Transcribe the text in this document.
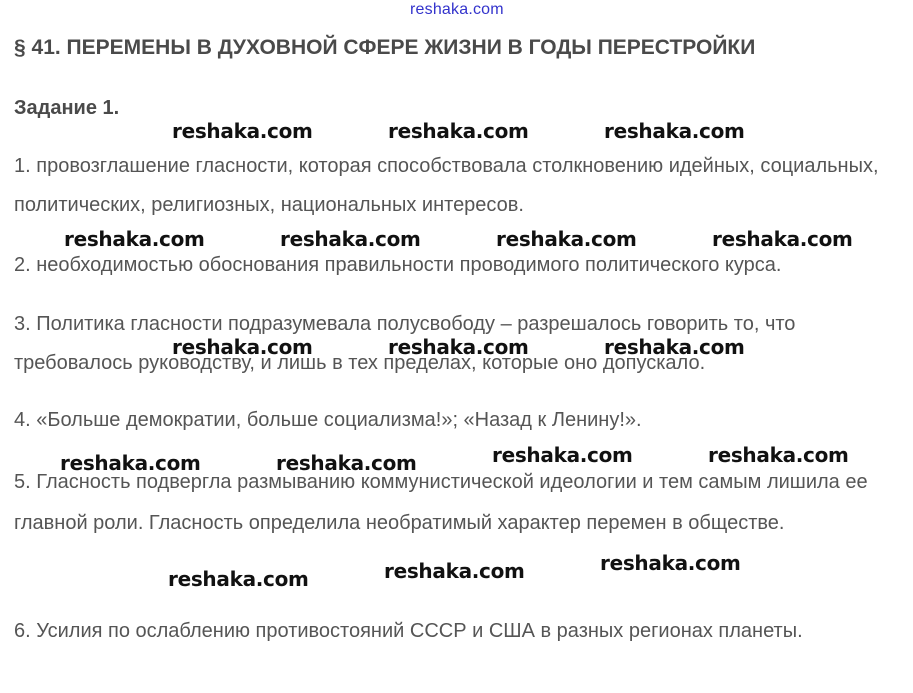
reshaka.com
§ 41. ПЕРЕМЕНЫ В ДУХОВНОЙ СФЕРЕ ЖИЗНИ В ГОДЫ ПЕРЕСТРОЙКИ
Задание 1.
1. провозглашение гласности, которая способствовала столкновению идейных, социальных, политических, религиозных, национальных интересов.
2. необходимостью обоснования правильности проводимого политического курса.
3. Политика гласности подразумевала полусвободу – разрешалось говорить то, что требовалось руководству, и лишь в тех пределах, которые оно допускало.
4. «Больше демократии, больше социализма!»; «Назад к Ленину!».
5. Гласность подвергла размыванию коммунистической идеологии и тем самым лишила ее главной роли. Гласность определила необратимый характер перемен в обществе.
6. Усилия по ослаблению противостояний СССР и США в разных регионах планеты.
reshaka.com	reshaka.com	reshaka.com
reshaka.com	reshaka.com	reshaka.com	reshaka.com
reshaka.com	reshaka.com	reshaka.com
reshaka.com	reshaka.com	reshaka.com	reshaka.com
reshaka.com	reshaka.com	reshaka.com
